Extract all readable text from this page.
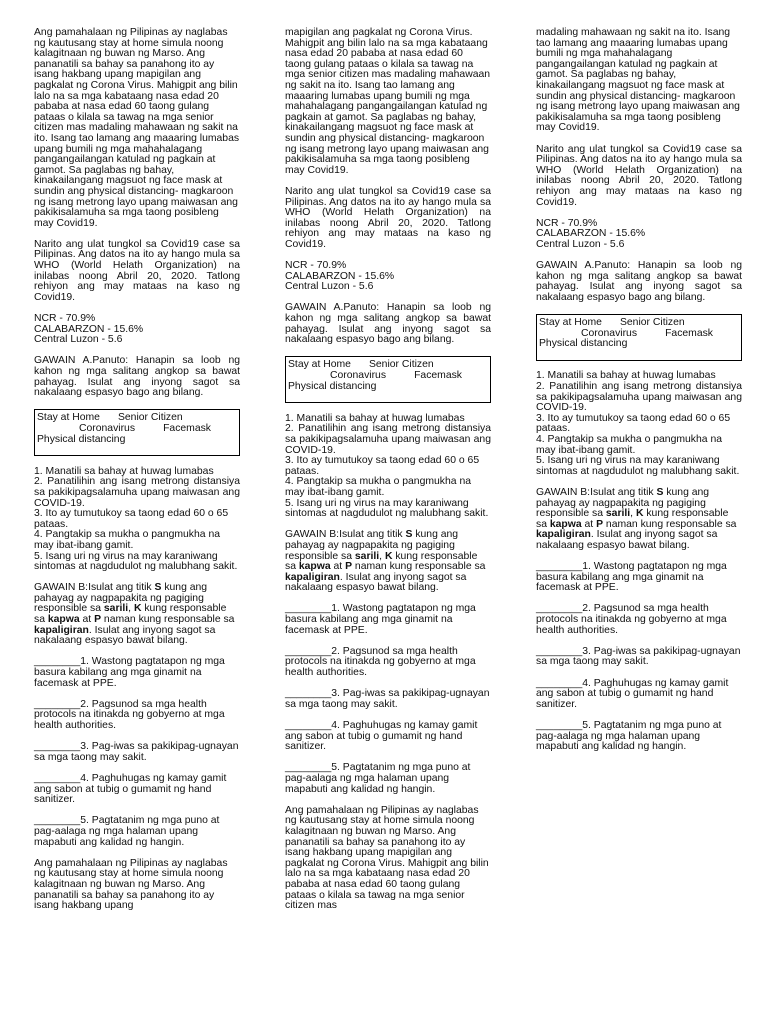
Ang pamahalaan ng Pilipinas ay naglabas ng kautusang stay at home simula noong kalagitnaan ng buwan ng Marso. Ang pananatili sa bahay sa panahong ito ay isang hakbang upang mapigilan ang pagkalat ng Corona Virus. Mahigpit ang bilin lalo na sa mga kabataang nasa edad 20 pababa at nasa edad 60 taong gulang pataas o kilala sa tawag na mga senior citizen mas madaling mahawaan ng sakit na ito. Isang tao lamang ang maaaring lumabas upang bumili ng mga mahahalagang pangangailangan katulad ng pagkain at gamot. Sa paglabas ng bahay, kinakailangang magsuot ng face mask at sundin ang physical distancing- magkaroon ng isang metrong layo upang maiwasan ang pakikisalamuha sa mga taong posibleng may Covid19.

Narito ang ulat tungkol sa Covid19 case sa Pilipinas. Ang datos na ito ay hango mula sa WHO (World Helath Organization) na inilabas noong Abril 20, 2020. Tatlong rehiyon ang may mataas na kaso ng Covid19.

NCR - 70.9%

CALABARZON - 15.6%

Central Luzon - 5.6

GAWAIN A.Panuto: Hanapin sa loob ng kahon ng mga salitang angkop sa bawat pahayag. Isulat ang inyong sagot sa nakalaang espasyo bago ang bilang.

Stay at Home Senior Citizen
Coronavirus	Facemask
Physical distancing

1. Manatili sa bahay at huwag lumabas

2. Panatilihin ang isang metrong distansiya sa pakikipagsalamuha upang maiwasan ang COVID-19.

3. Ito ay tumutukoy sa taong edad 60 o 65 pataas.

4. Pangtakip sa mukha o pangmukha na may ibat-ibang gamit.

5. Isang uri ng virus na may karaniwang sintomas at nagdudulot ng malubhang sakit.

GAWAIN B:Isulat ang titik S kung ang pahayag ay nagpapakita ng pagiging responsible sa sarili, K kung responsable sa kapwa at P naman kung responsable sa kapaligiran. Isulat ang inyong sagot sa nakalaang espasyo bawat bilang.

________1. Wastong pagtatapon ng mga basura kabilang ang mga ginamit na facemask at PPE.

________2. Pagsunod sa mga health protocols na itinakda ng gobyerno at mga health authorities.

________3. Pag-iwas sa pakikipag-ugnayan sa mga taong may sakit.

________4. Paghuhugas ng kamay gamit ang sabon at tubig o gumamit ng hand sanitizer.

________5. Pagtatanim ng mga puno at pag-aalaga ng mga halaman upang mapabuti ang kalidad ng hangin.

Ang pamahalaan ng Pilipinas ay naglabas ng kautusang stay at home simula noong kalagitnaan ng buwan ng Marso. Ang pananatili sa bahay sa panahong ito ay isang hakbang upang

mapigilan ang pagkalat ng Corona Virus. Mahigpit ang bilin lalo na sa mga kabataang nasa edad 20 pababa at nasa edad 60 taong gulang pataas o kilala sa tawag na mga senior citizen mas madaling mahawaan ng sakit na ito. Isang tao lamang ang maaaring lumabas upang bumili ng mga mahahalagang pangangailangan katulad ng pagkain at gamot. Sa paglabas ng bahay, kinakailangang magsuot ng face mask at sundin ang physical distancing- magkaroon ng isang metrong layo upang maiwasan ang pakikisalamuha sa mga taong posibleng may Covid19.

Narito ang ulat tungkol sa Covid19 case sa Pilipinas. Ang datos na ito ay hango mula sa WHO (World Helath Organization) na inilabas noong Abril 20, 2020. Tatlong rehiyon ang may mataas na kaso ng Covid19.

NCR - 70.9%

CALABARZON - 15.6%

Central Luzon - 5.6

GAWAIN A.Panuto: Hanapin sa loob ng kahon ng mga salitang angkop sa bawat pahayag. Isulat ang inyong sagot sa nakalaang espasyo bago ang bilang.

Stay at Home Senior Citizen
Coronavirus	Facemask
Physical distancing

1. Manatili sa bahay at huwag lumabas

2. Panatilihin ang isang metrong distansiya sa pakikipagsalamuha upang maiwasan ang COVID-19.

3. Ito ay tumutukoy sa taong edad 60 o 65 pataas.

4. Pangtakip sa mukha o pangmukha na may ibat-ibang gamit.

5. Isang uri ng virus na may karaniwang sintomas at nagdudulot ng malubhang sakit.

GAWAIN B:Isulat ang titik S kung ang pahayag ay nagpapakita ng pagiging responsible sa sarili, K kung responsable sa kapwa at P naman kung responsable sa kapaligiran. Isulat ang inyong sagot sa nakalaang espasyo bawat bilang.

________1. Wastong pagtatapon ng mga basura kabilang ang mga ginamit na facemask at PPE.

________2. Pagsunod sa mga health protocols na itinakda ng gobyerno at mga health authorities.

________3. Pag-iwas sa pakikipag-ugnayan sa mga taong may sakit.

________4. Paghuhugas ng kamay gamit ang sabon at tubig o gumamit ng hand sanitizer.

________5. Pagtatanim ng mga puno at pag-aalaga ng mga halaman upang mapabuti ang kalidad ng hangin.

Ang pamahalaan ng Pilipinas ay naglabas ng kautusang stay at home simula noong kalagitnaan ng buwan ng Marso. Ang pananatili sa bahay sa panahong ito ay isang hakbang upang mapigilan ang pagkalat ng Corona Virus. Mahigpit ang bilin lalo na sa mga kabataang nasa edad 20 pababa at nasa edad 60 taong gulang pataas o kilala sa tawag na mga senior citizen mas

madaling mahawaan ng sakit na ito. Isang tao lamang ang maaaring lumabas upang bumili ng mga mahahalagang pangangailangan katulad ng pagkain at gamot. Sa paglabas ng bahay, kinakailangang magsuot ng face mask at sundin ang physical distancing- magkaroon ng isang metrong layo upang maiwasan ang pakikisalamuha sa mga taong posibleng may Covid19.

Narito ang ulat tungkol sa Covid19 case sa Pilipinas. Ang datos na ito ay hango mula sa WHO (World Helath Organization) na inilabas noong Abril 20, 2020. Tatlong rehiyon ang may mataas na kaso ng Covid19.

NCR - 70.9%

CALABARZON - 15.6%

Central Luzon - 5.6

GAWAIN A.Panuto: Hanapin sa loob ng kahon ng mga salitang angkop sa bawat pahayag. Isulat ang inyong sagot sa nakalaang espasyo bago ang bilang.

Stay at Home Senior Citizen
Coronavirus	Facemask
Physical distancing

1. Manatili sa bahay at huwag lumabas

2. Panatilihin ang isang metrong distansiya sa pakikipagsalamuha upang maiwasan ang COVID-19.

3. Ito ay tumutukoy sa taong edad 60 o 65 pataas.

4. Pangtakip sa mukha o pangmukha na may ibat-ibang gamit.

5. Isang uri ng virus na may karaniwang sintomas at nagdudulot ng malubhang sakit.

GAWAIN B:Isulat ang titik S kung ang pahayag ay nagpapakita ng pagiging responsible sa sarili, K kung responsable sa kapwa at P naman kung responsable sa kapaligiran. Isulat ang inyong sagot sa nakalaang espasyo bawat bilang.

________1. Wastong pagtatapon ng mga basura kabilang ang mga ginamit na facemask at PPE.

________2. Pagsunod sa mga health protocols na itinakda ng gobyerno at mga health authorities.

________3. Pag-iwas sa pakikipag-ugnayan sa mga taong may sakit.

________4. Paghuhugas ng kamay gamit ang sabon at tubig o gumamit ng hand sanitizer.

________5. Pagtatanim ng mga puno at pag-aalaga ng mga halaman upang mapabuti ang kalidad ng hangin.
